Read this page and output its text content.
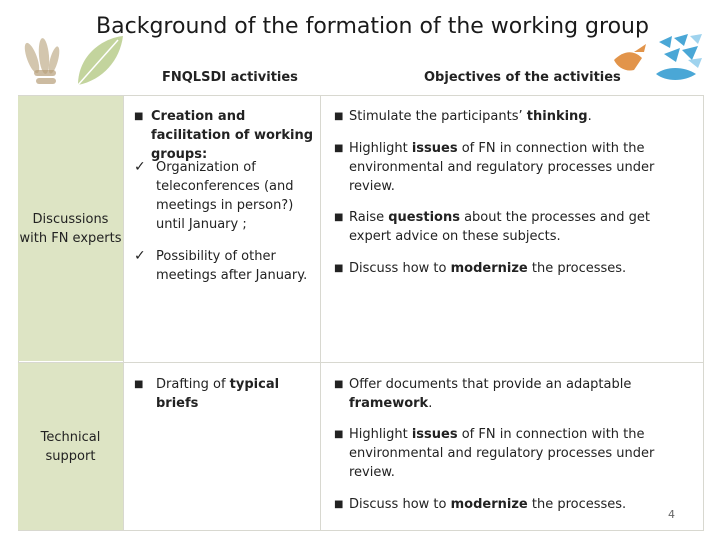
Background of the formation of the working group
FNQLSDI activities	Objectives of the activities
Discussions with FN experts
Technical support
■ Creation and facilitation of working groups:
✓ Organization of teleconferences (and meetings in person?) until January ;
✓ Possibility of other meetings after January.
■ Stimulate the participants’ thinking.
■ Highlight issues of FN in connection with the environmental and regulatory processes under review.
■ Raise questions about the processes and get expert advice on these subjects.
■ Discuss how to modernize the processes.
■ Drafting of typical briefs
■ Offer documents that provide an adaptable framework.
■ Highlight issues of FN in connection with the environmental and regulatory processes under review.
■ Discuss how to modernize the processes.
4
